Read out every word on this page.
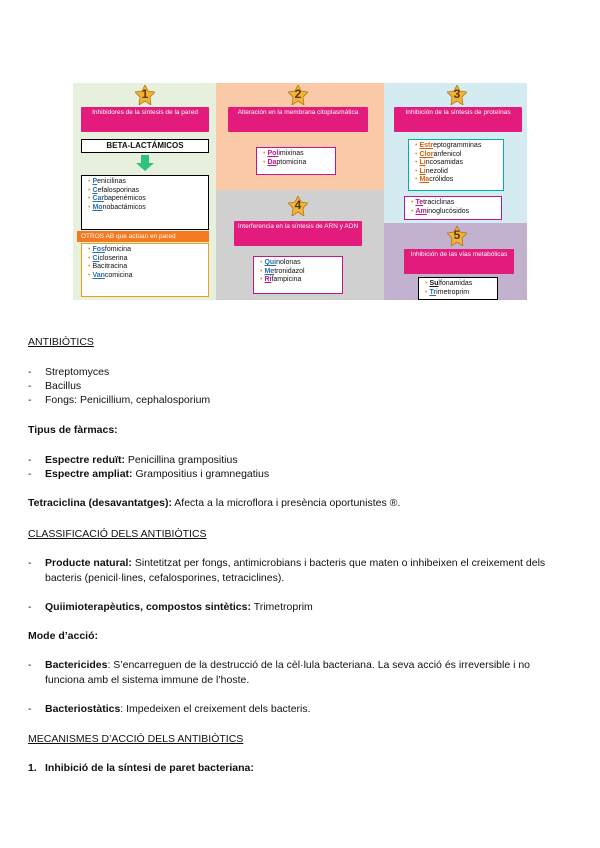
1	2	3
4
5
Inhibidores de la síntesis de la pared
BETA-LACTÁMICOS
• Penicilinas
• Cefalosporinas
• Carbapenémicos
• Monobactámicos
OTROS AB que actúan en pared
• Fosfomicina
• Cicloserina
• Bacitracina
• Vancomicina
Alteración en la membrana citoplasmática
• Polimixinas
• Daptomicina
Inhibición de la síntesis de proteínas
• Estreptogramminas
• Cloranfenicol
• Lincosamidas
• Linezolid
• Macrólidos
• Tetraciclinas
• Aminoglucósidos
Interferencia en la síntesis de ARN y ADN
• Quinolonas
• Metronidazol
• Rifampicina
Inhibición de las vías metabólicas
• Sulfonamidas
• Trimetroprim
ANTIBIÒTICS
- Streptomyces
- Bacillus
- Fongs: Penicillium, cephalosporium
Tipus de fàrmacs:
- Espectre reduït: Penicillina grampositius
- Espectre ampliat: Grampositius i gramnegatius
Tetraciclina (desavantatges): Afecta a la microflora i presència oportunistes ®.
CLASSIFICACIÓ DELS ANTIBIÒTICS
- Producte natural: Sintetitzat per fongs, antimicrobians i bacteris que maten o inhibeixen el creixement dels
bacteris (penicil·lines, cefalosporines, tetraciclines).
- Quiimioterapèutics, compostos sintètics: Trimetroprim
Mode d’acció:
- Bactericides: S’encarreguen de la destrucció de la cèl·lula bacteriana. La seva acció és irreversible i no
funciona amb el sistema immune de l’hoste.
- Bacteriostàtics: Impedeixen el creixement dels bacteris.
MECANISMES D’ACCIÓ DELS ANTIBIÒTICS
1. Inhibició de la síntesi de paret bacteriana:
